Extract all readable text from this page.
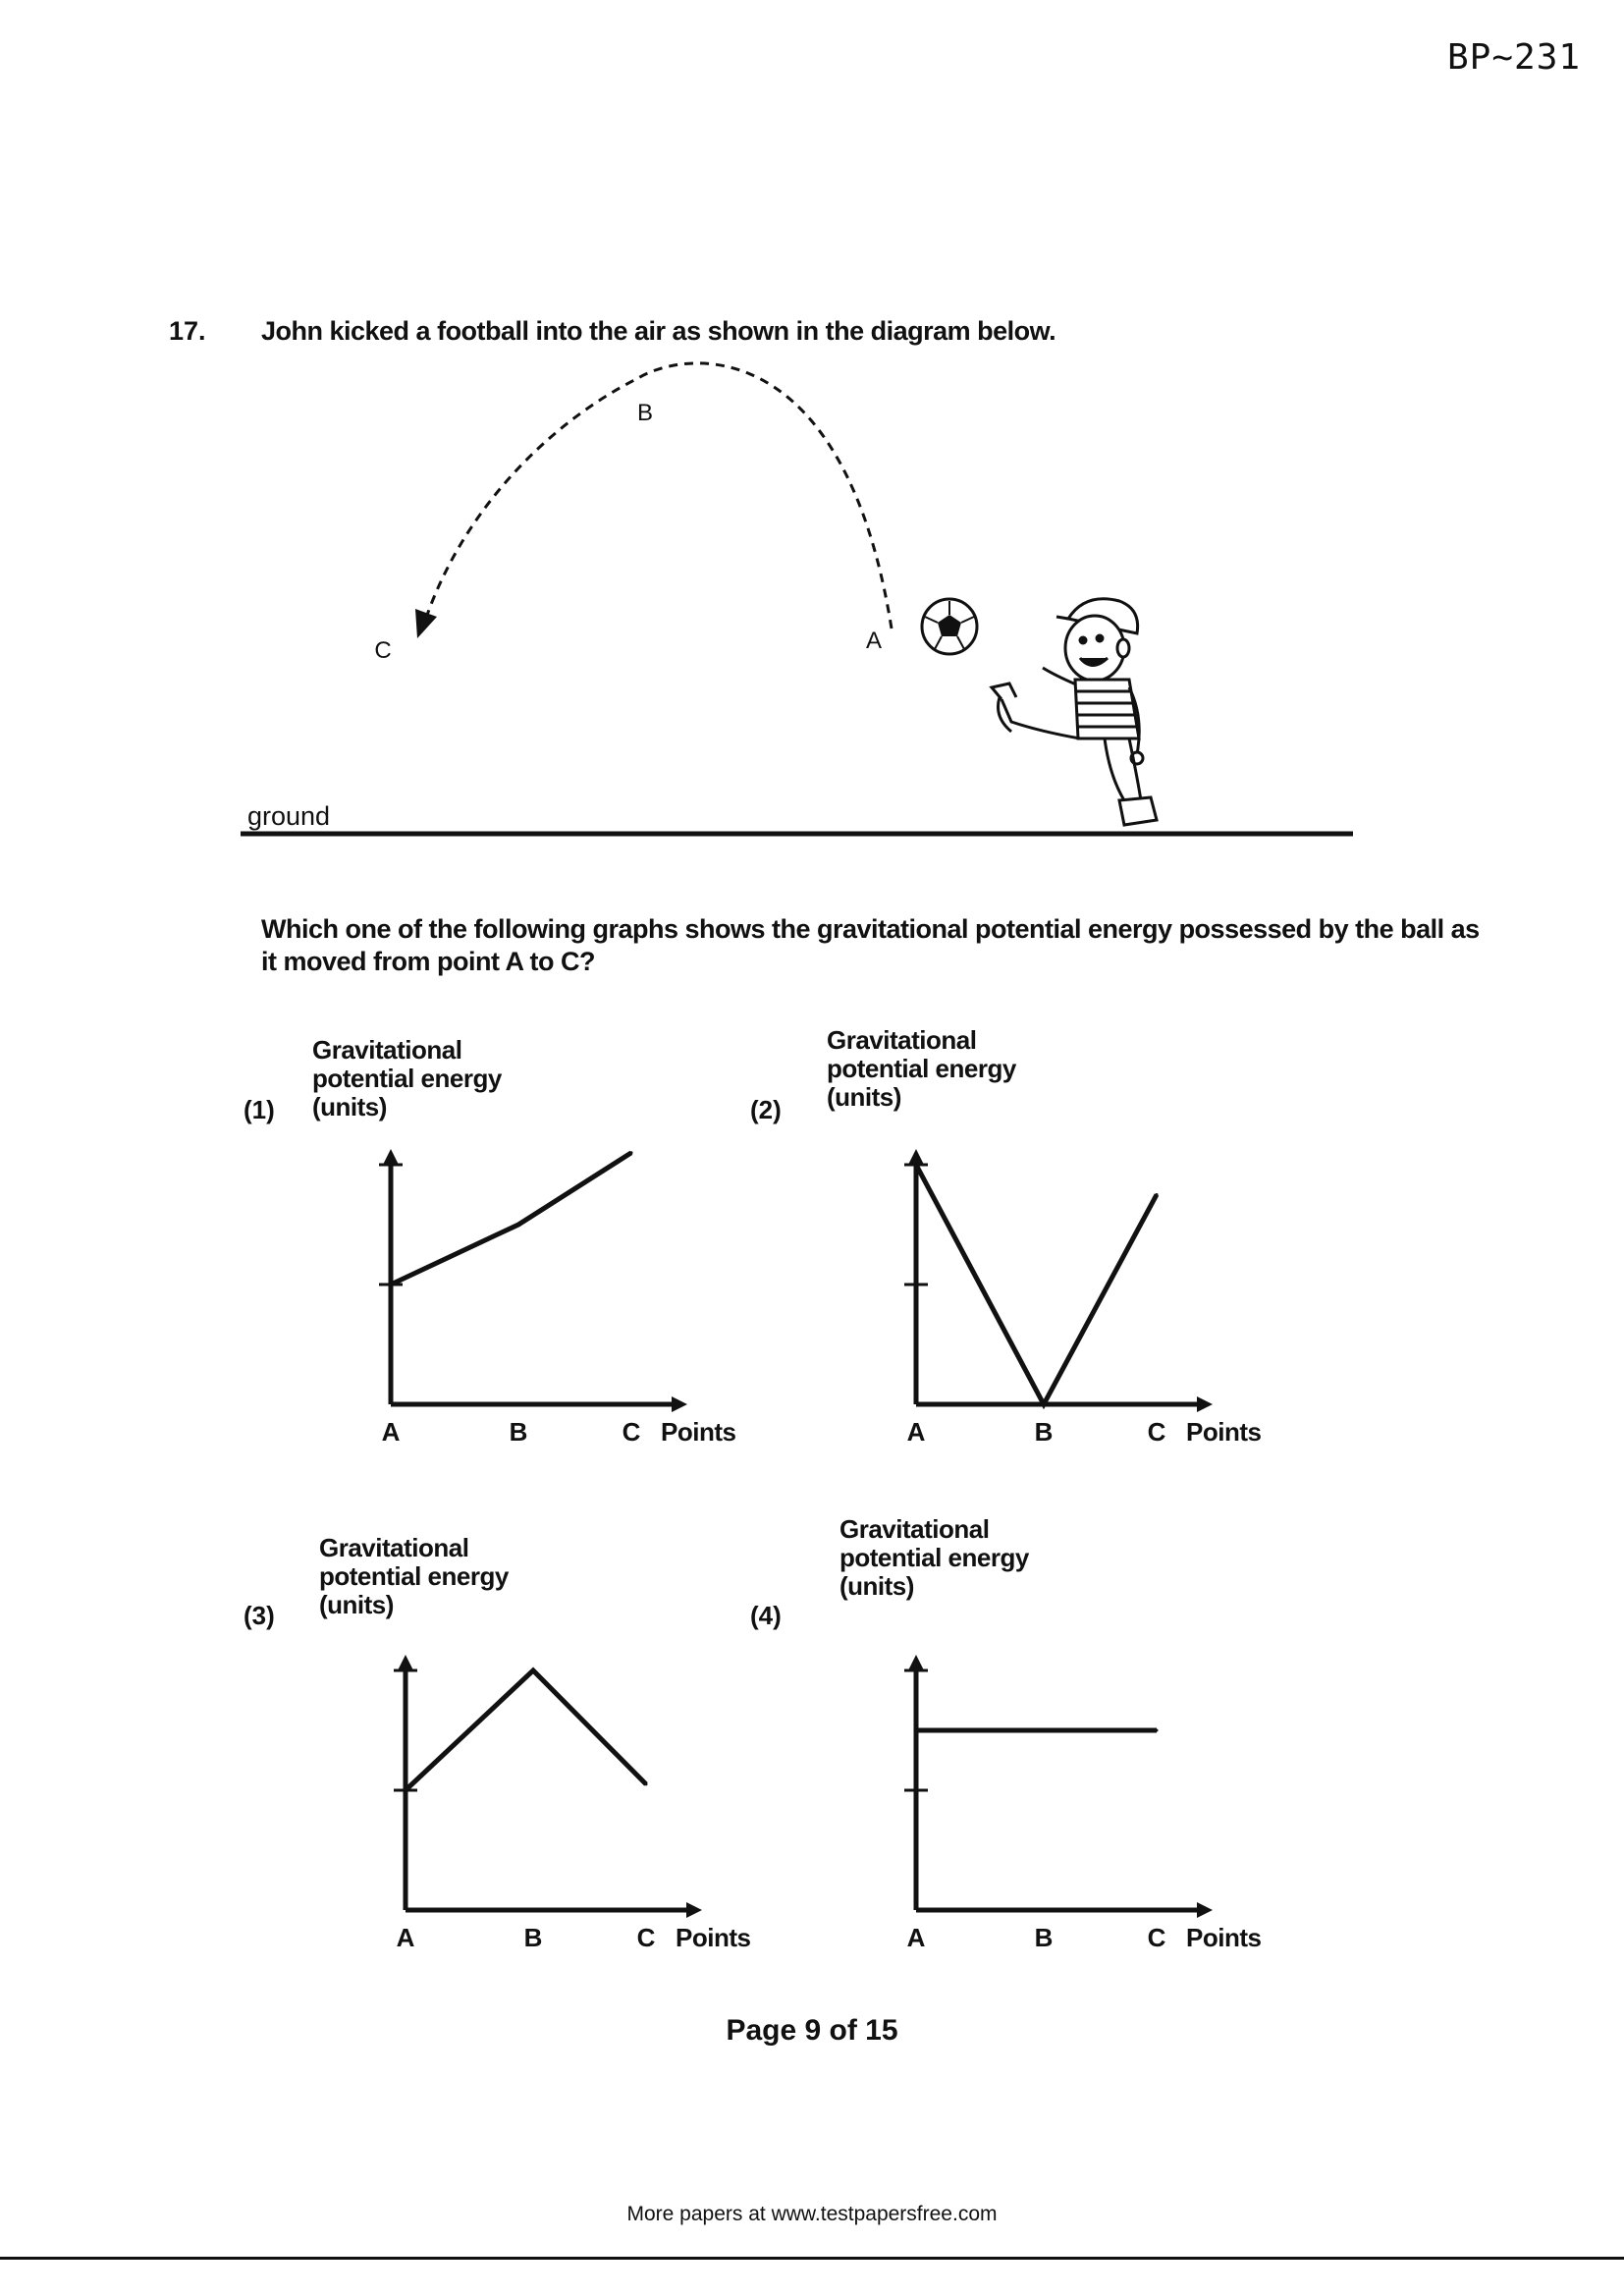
BP~231
17. John kicked a football into the air as shown in the diagram below.
B
C	A
ground
Which one of the following graphs shows the gravitational potential energy possessed by the ball as it moved from point A to C?
(1)
Gravitational
potential energy
(units)
A	B	C Points
(2)
Gravitational
potential energy
(units)
A	B	C Points
(3)
Gravitational
potential energy
(units)
A	B	C Points
(4)
Gravitational
potential energy
(units)
A	B	C Points
Page 9 of 15
More papers at www.testpapersfree.com
